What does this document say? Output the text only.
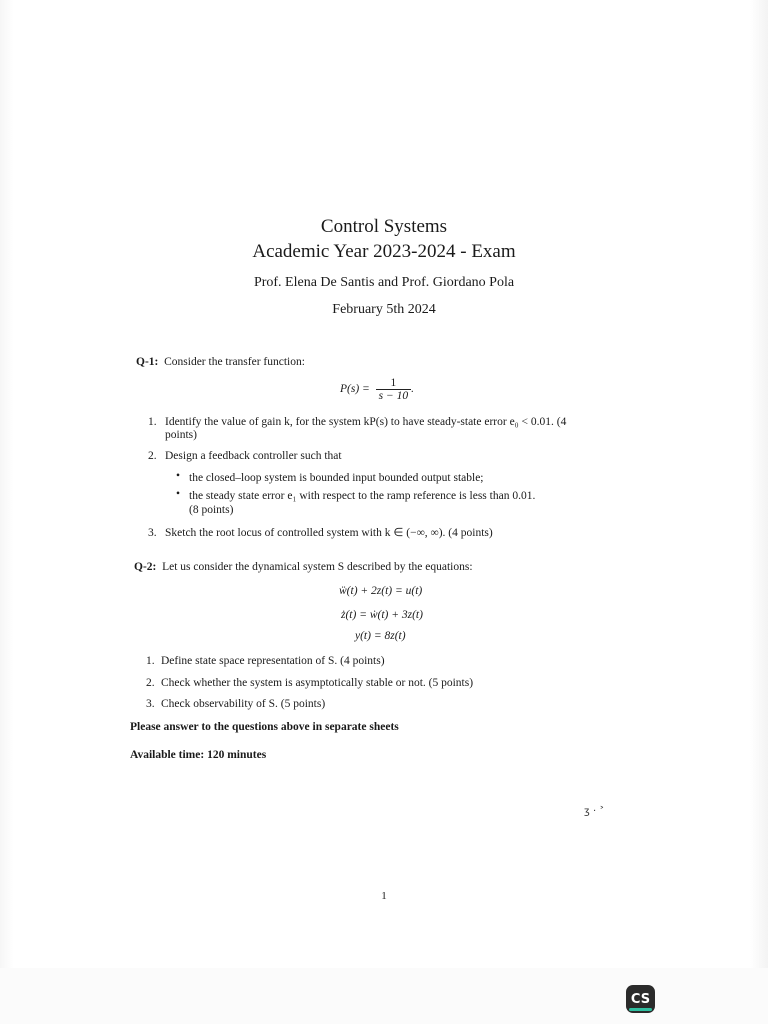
Control Systems
Academic Year 2023-2024 - Exam
Prof. Elena De Santis and Prof. Giordano Pola
February 5th 2024
Q-1: Consider the transfer function:
$P(s) = \frac{1}{s - 10}$ .
1. Identify the value of gain k, for the system kP(s) to have steady-state error e₀ < 0.01. (4
points)
2. Design a feedback controller such that
• the closed–loop system is bounded input bounded output stable;
• the steady state error e₁ with respect to the ramp reference is less than 0.01.
(8 points)
3. Sketch the root locus of controlled system with k ∈ (−∞, ∞). (4 points)
Q-2: Let us consider the dynamical system S described by the equations:
ẅ(t) + 2z(t) = u(t)
ż(t) = ẇ(t) + 3z(t)
y(t) = 8z(t)
1. Define state space representation of S. (4 points)
2. Check whether the system is asymptotically stable or not. (5 points)
3. Check observability of S. (5 points)
Please answer to the questions above in separate sheets
Available time: 120 minutes
ʒ · ˃
1
CS
